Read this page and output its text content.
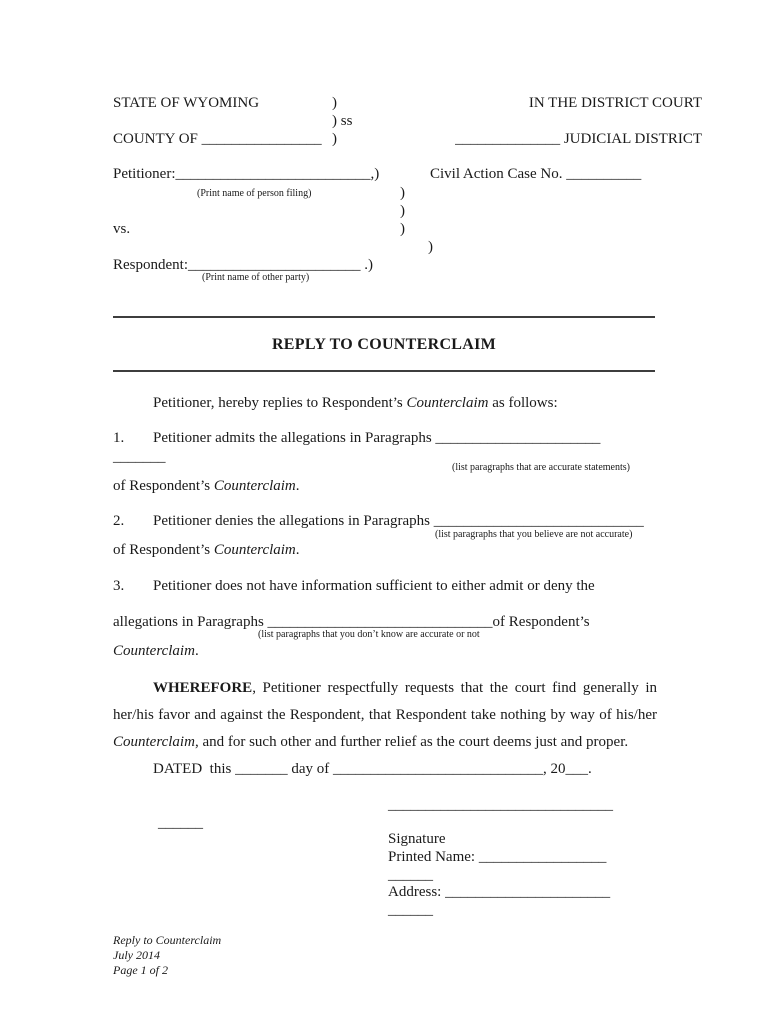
STATE OF WYOMING	)	IN THE DISTRICT COURT
) ss
COUNTY OF ________________ )	______________ JUDICIAL DISTRICT
Petitioner:__________________________,)	Civil Action Case No. __________
(Print name of person filing)	)
)
vs.	)
)
Respondent:_______________________ .)
(Print name of other party)
REPLY TO COUNTERCLAIM
Petitioner, hereby replies to Respondent’s Counterclaim as follows:
1. Petitioner admits the allegations in Paragraphs ______________________
_______
(list paragraphs that are accurate statements)
of Respondent’s Counterclaim.
2. Petitioner denies the allegations in Paragraphs ____________________________
(list paragraphs that you believe are not accurate)
of Respondent’s Counterclaim.
3. Petitioner does not have information sufficient to either admit or deny the
allegations in Paragraphs ______________________________of Respondent’s
(list paragraphs that you don’t know are accurate or not
Counterclaim.
WHEREFORE, Petitioner respectfully requests that the court find generally in
her/his favor and against the Respondent, that Respondent take nothing by way of his/her
Counterclaim, and for such other and further relief as the court deems just and proper.
DATED  this _______ day of ____________________________, 20___.
______________________________
______
Signature
Printed Name: _________________
______
Address: ______________________
______
Reply to Counterclaim
July 2014
Page 1 of 2
